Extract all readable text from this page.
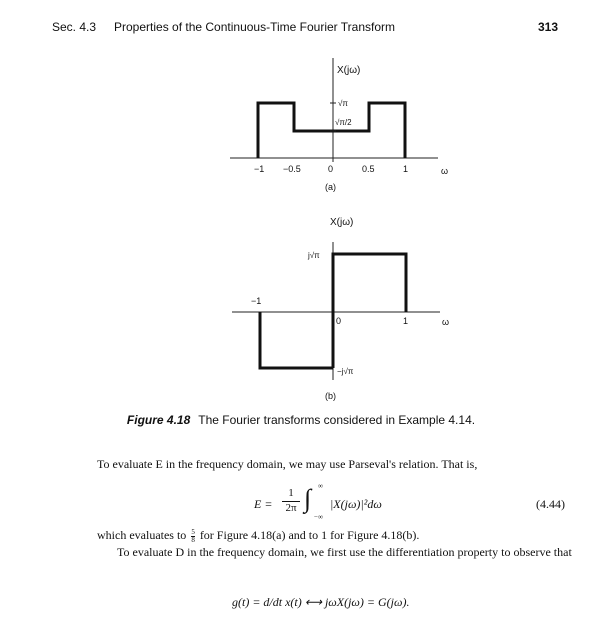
Sec. 4.3 Properties of the Continuous-Time Fourier Transform	313
X(jω)
√π
√π/2
−1 −0.5	0	0.5	1	ω
(a)
X(jω)
j√π
−j√π
−1
0	1	ω
(b)
Figure 4.18 The Fourier transforms considered in Example 4.14.
To evaluate E in the frequency domain, we may use Parseval's relation. That is,
E =
1
2π ∫ ∞
−∞
|X(jω)|²dω	(4.44)
which evaluates to $\frac{5}{8}$ for Figure 4.18(a) and to 1 for Figure 4.18(b).
To evaluate D in the frequency domain, we first use the differentiation property to observe that
g(t) = d/dt x(t) ⟷ jωX(jω) = G(jω).
